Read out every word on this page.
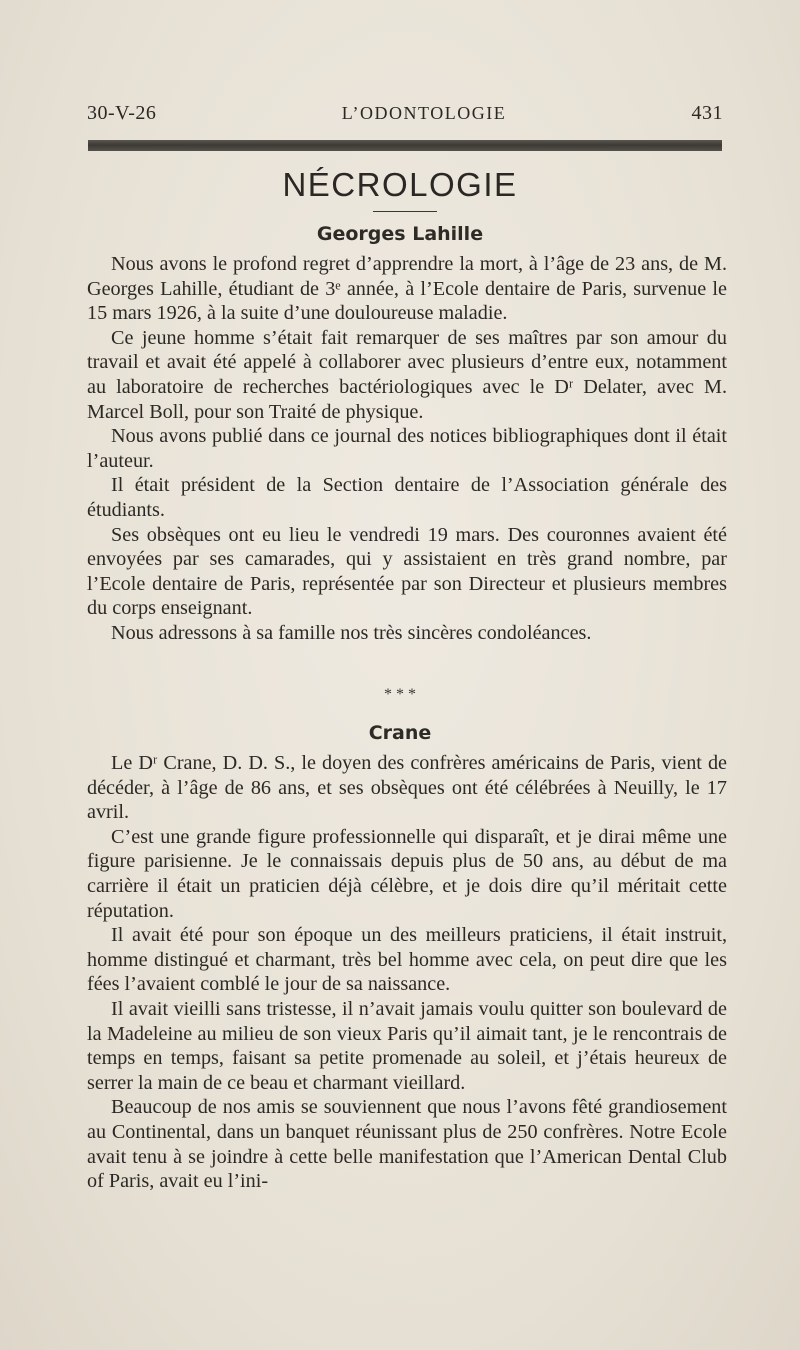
30-V-26	L’ODONTOLOGIE	431
NÉCROLOGIE
Georges Lahille

Nous avons le profond regret d’apprendre la mort, à l’âge de 23 ans, de M. Georges Lahille, étudiant de 3ᵉ année, à l’Ecole dentaire de Paris, survenue le 15 mars 1926, à la suite d’une douloureuse maladie.

Ce jeune homme s’était fait remarquer de ses maîtres par son amour du travail et avait été appelé à collaborer avec plusieurs d’entre eux, notamment au laboratoire de recherches bactériologiques avec le Dʳ Delater, avec M. Marcel Boll, pour son Traité de physique.

Nous avons publié dans ce journal des notices bibliographiques dont il était l’auteur.

Il était président de la Section dentaire de l’Association générale des étudiants.

Ses obsèques ont eu lieu le vendredi 19 mars. Des couronnes avaient été envoyées par ses camarades, qui y assistaient en très grand nombre, par l’Ecole dentaire de Paris, représentée par son Directeur et plusieurs membres du corps enseignant.

Nous adressons à sa famille nos très sincères condoléances.

* * *
Crane

Le Dʳ Crane, D. D. S., le doyen des confrères américains de Paris, vient de décéder, à l’âge de 86 ans, et ses obsèques ont été célébrées à Neuilly, le 17 avril.

C’est une grande figure professionnelle qui disparaît, et je dirai même une figure parisienne. Je le connaissais depuis plus de 50 ans, au début de ma carrière il était un praticien déjà célèbre, et je dois dire qu’il méritait cette réputation.

Il avait été pour son époque un des meilleurs praticiens, il était instruit, homme distingué et charmant, très bel homme avec cela, on peut dire que les fées l’avaient comblé le jour de sa naissance.

Il avait vieilli sans tristesse, il n’avait jamais voulu quitter son boulevard de la Madeleine au milieu de son vieux Paris qu’il aimait tant, je le rencontrais de temps en temps, faisant sa petite promenade au soleil, et j’étais heureux de serrer la main de ce beau et charmant vieillard.

Beaucoup de nos amis se souviennent que nous l’avons fêté grandiosement au Continental, dans un banquet réunissant plus de 250 confrères. Notre Ecole avait tenu à se joindre à cette belle manifestation que l’American Dental Club of Paris, avait eu l’ini-
